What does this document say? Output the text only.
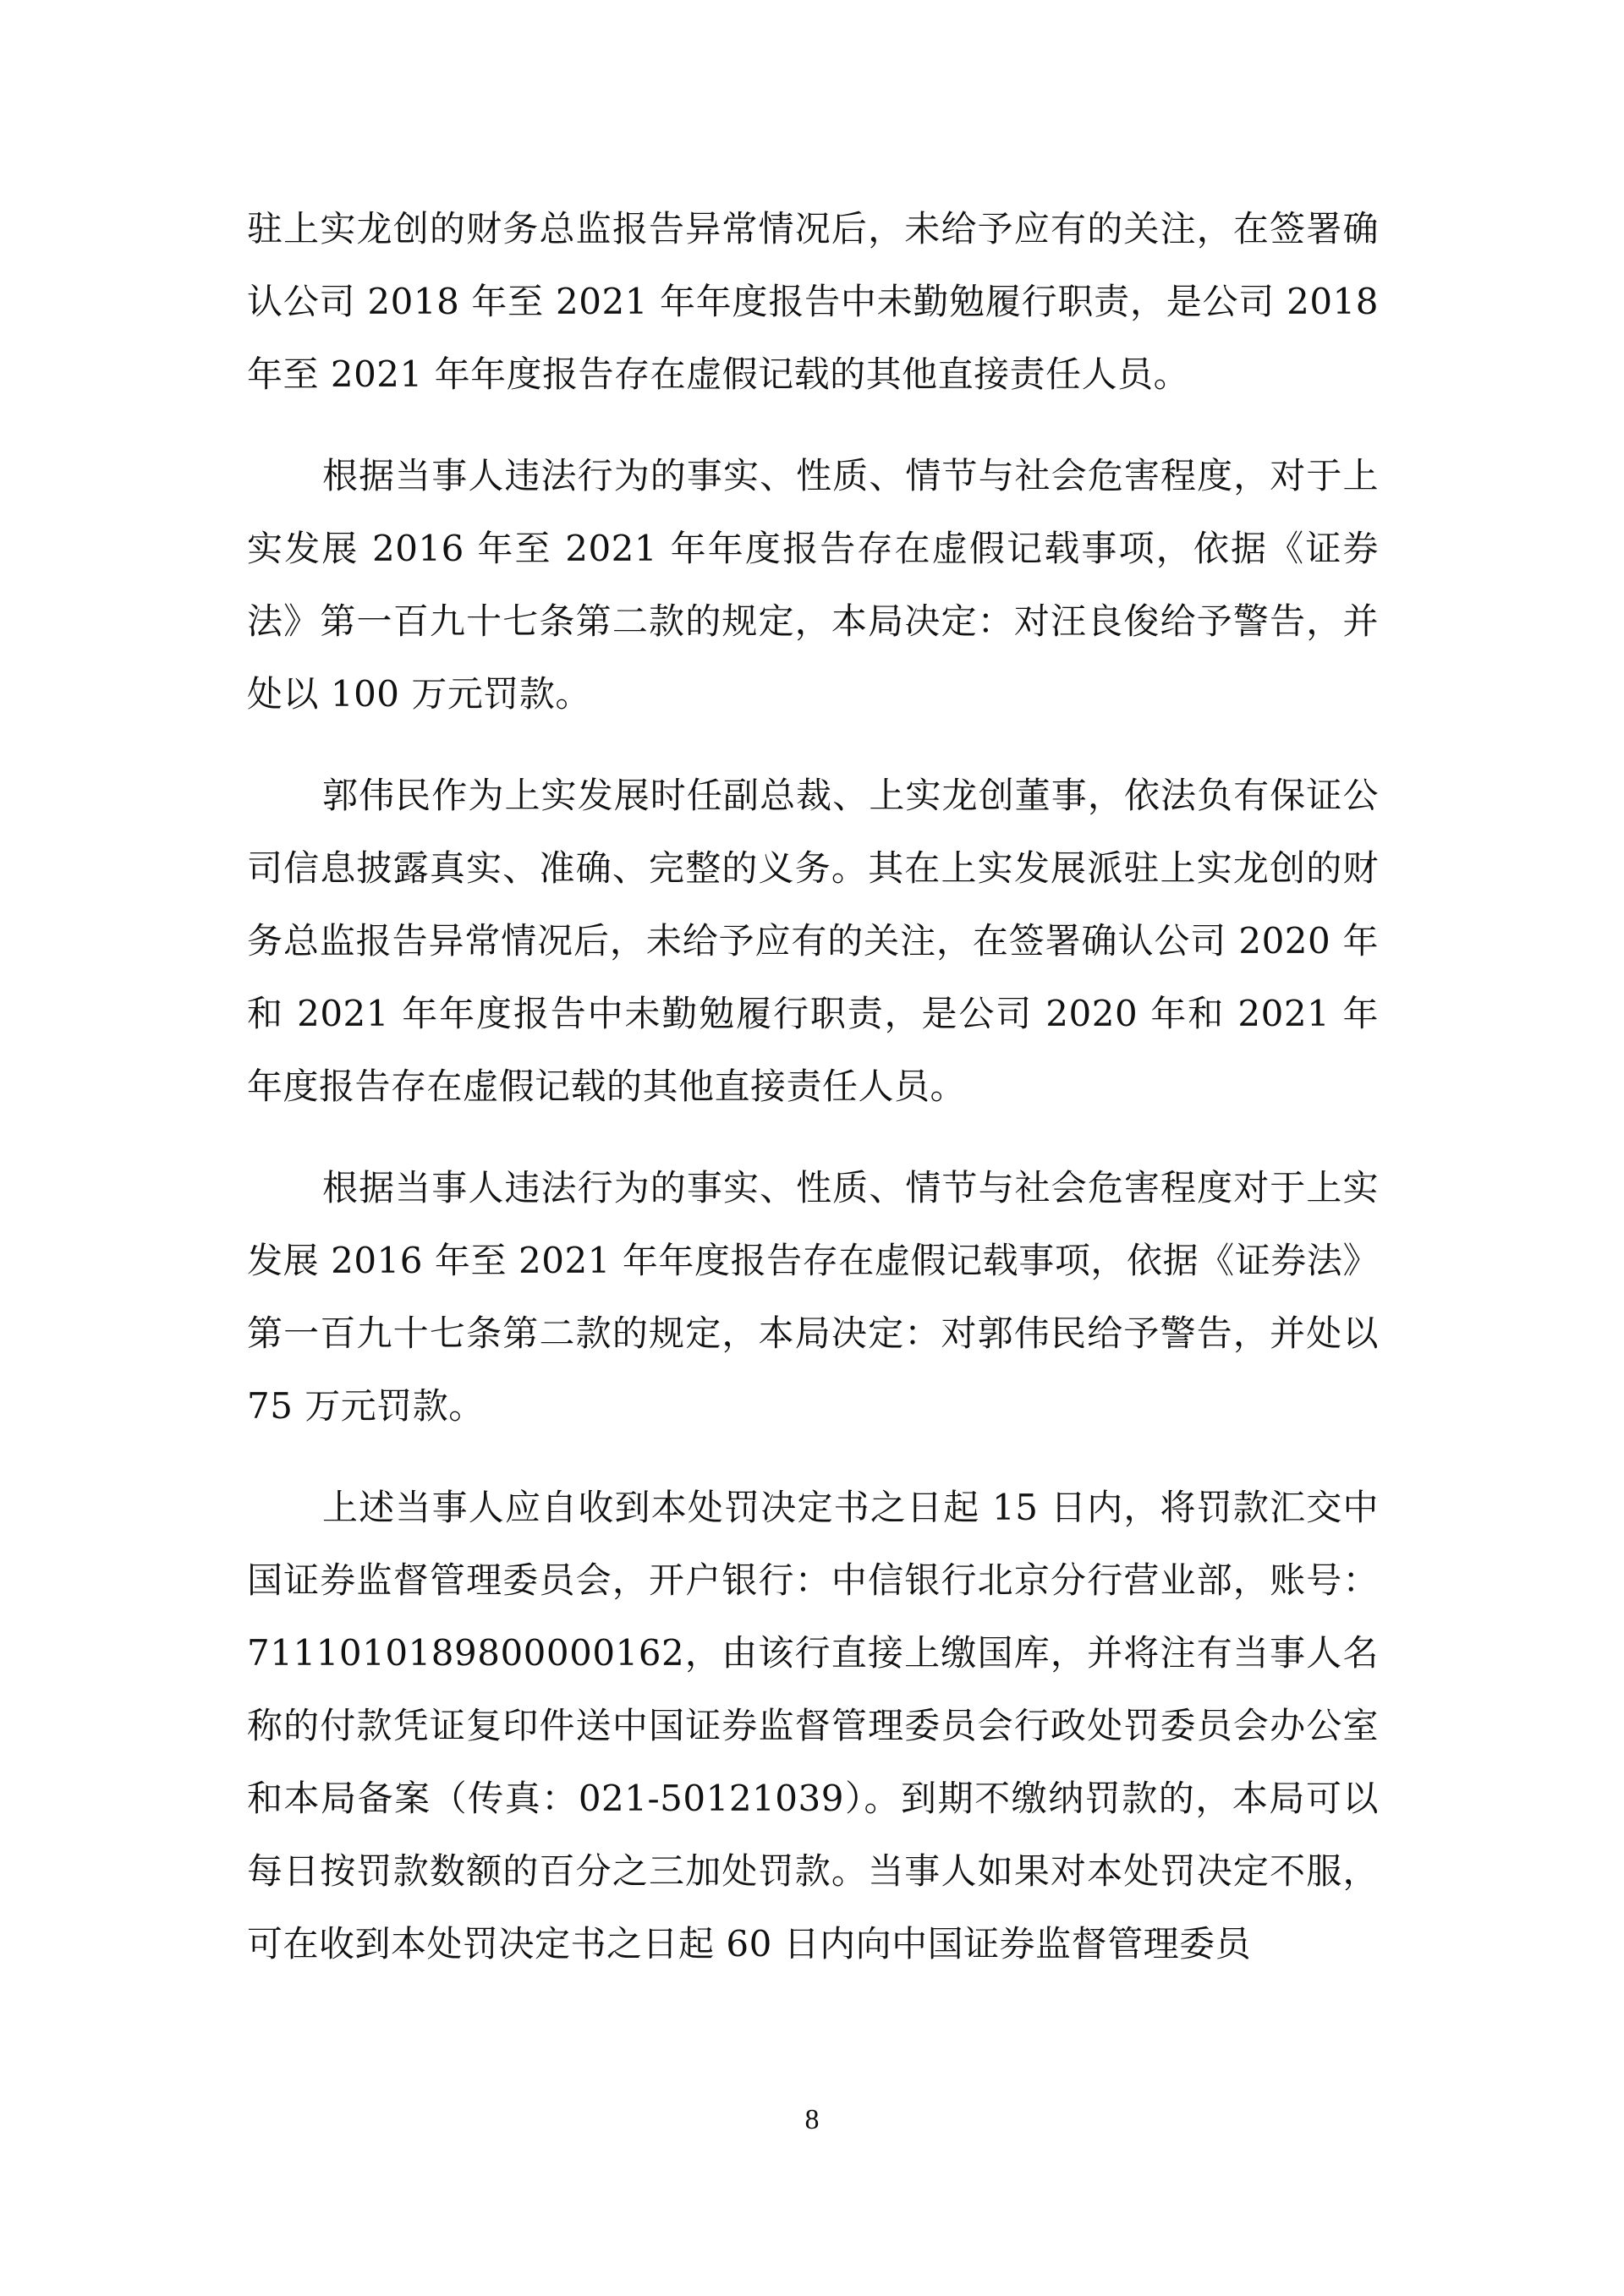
驻上实龙创的财务总监报告异常情况后，未给予应有的关注，在签署确认公司 2018 年至 2021 年年度报告中未勤勉履行职责，是公司 2018 年至 2021 年年度报告存在虚假记载的其他直接责任人员。

根据当事人违法行为的事实、性质、情节与社会危害程度，对于上实发展 2016 年至 2021 年年度报告存在虚假记载事项，依据《证券法》第一百九十七条第二款的规定，本局决定：对汪良俊给予警告，并处以 100 万元罚款。

郭伟民作为上实发展时任副总裁、上实龙创董事，依法负有保证公司信息披露真实、准确、完整的义务。其在上实发展派驻上实龙创的财务总监报告异常情况后，未给予应有的关注，在签署确认公司 2020 年和 2021 年年度报告中未勤勉履行职责，是公司 2020 年和 2021 年年度报告存在虚假记载的其他直接责任人员。

根据当事人违法行为的事实、性质、情节与社会危害程度对于上实发展 2016 年至 2021 年年度报告存在虚假记载事项，依据《证券法》第一百九十七条第二款的规定，本局决定：对郭伟民给予警告，并处以 75 万元罚款。

上述当事人应自收到本处罚决定书之日起 15 日内，将罚款汇交中国证券监督管理委员会，开户银行：中信银行北京分行营业部，账号：7111010189800000162，由该行直接上缴国库，并将注有当事人名称的付款凭证复印件送中国证券监督管理委员会行政处罚委员会办公室和本局备案（传真：021-50121039）。到期不缴纳罚款的，本局可以每日按罚款数额的百分之三加处罚款。当事人如果对本处罚决定不服，可在收到本处罚决定书之日起 60 日内向中国证券监督管理委员

8
